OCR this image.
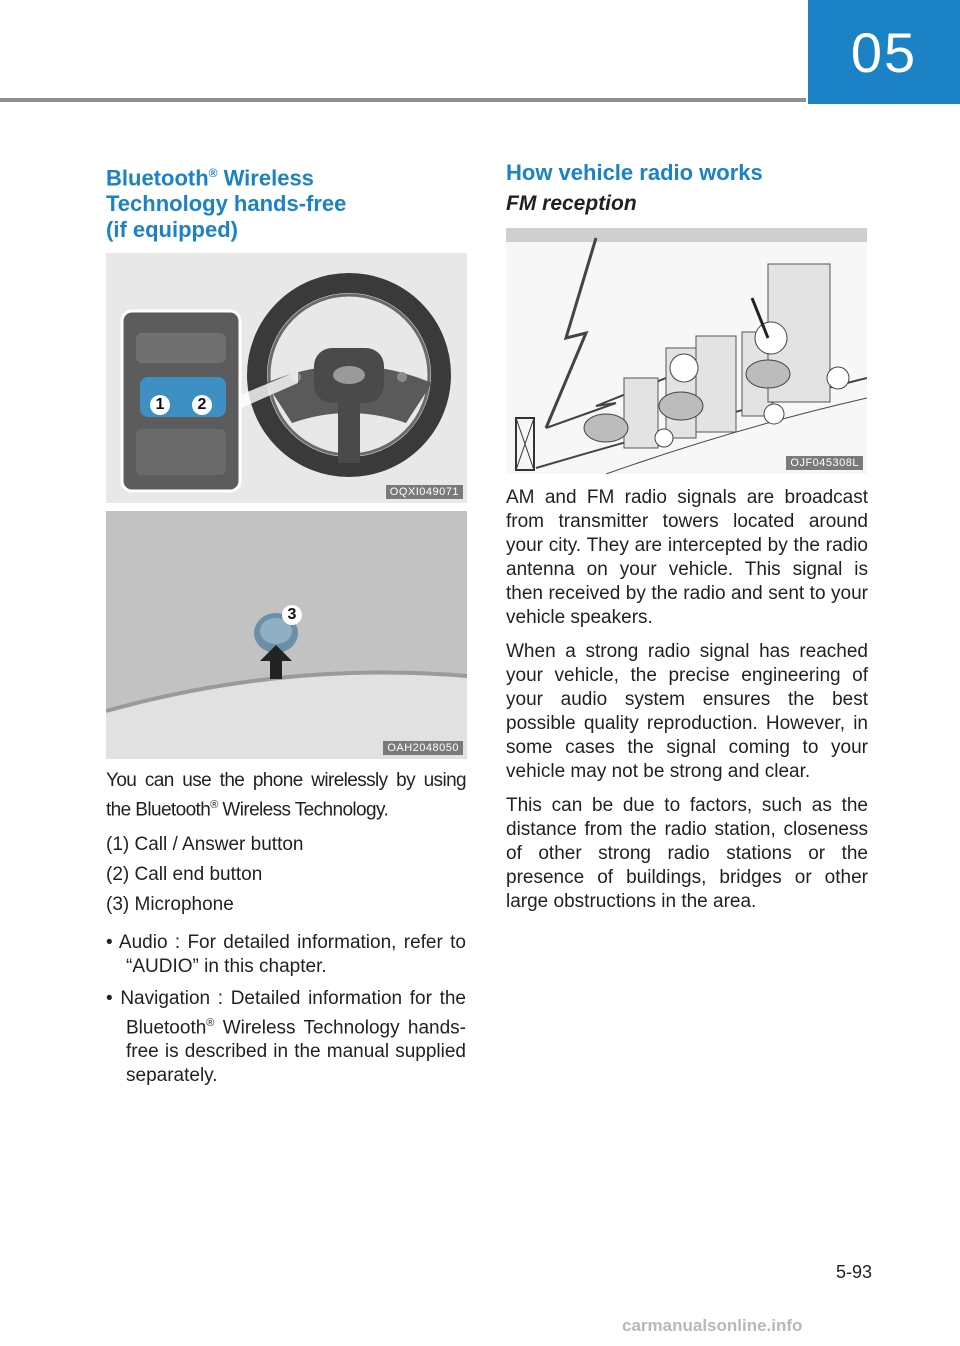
05
Bluetooth® Wireless
Technology hands-free
(if equipped)
1	2
OQXI049071
3
OAH2048050

You can use the phone wirelessly by using the Bluetooth® Wireless Technology.

(1) Call / Answer button

(2) Call end button

(3) Microphone

• Audio : For detailed information, refer to “AUDIO” in this chapter.

• Navigation : Detailed information for the Bluetooth® Wireless Technology hands-free is described in the manual supplied separately.

How vehicle radio works
FM reception
OJF045308L

AM and FM radio signals are broadcast from transmitter towers located around your city. They are intercepted by the radio antenna on your vehicle. This signal is then received by the radio and sent to your vehicle speakers.

When a strong radio signal has reached your vehicle, the precise engineering of your audio system ensures the best possible quality reproduction. However, in some cases the signal coming to your vehicle may not be strong and clear.

This can be due to factors, such as the distance from the radio station, closeness of other strong radio stations or the presence of buildings, bridges or other large obstructions in the area.

5-93
carmanualsonline.info
